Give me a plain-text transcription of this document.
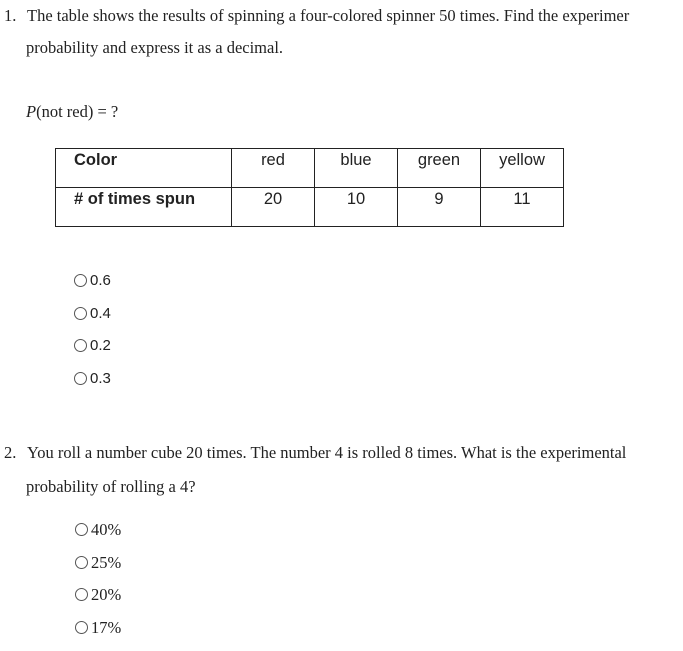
1. The table shows the results of spinning a four-colored spinner 50 times. Find the experimer
probability and express it as a decimal.
P(not red) = ?
Color	red	blue	green	yellow

# of times spun	20	10	9	11
0.6
0.4
0.2
0.3
2. You roll a number cube 20 times. The number 4 is rolled 8 times. What is the experimental
probability of rolling a 4?
40%
25%
20%
17%
